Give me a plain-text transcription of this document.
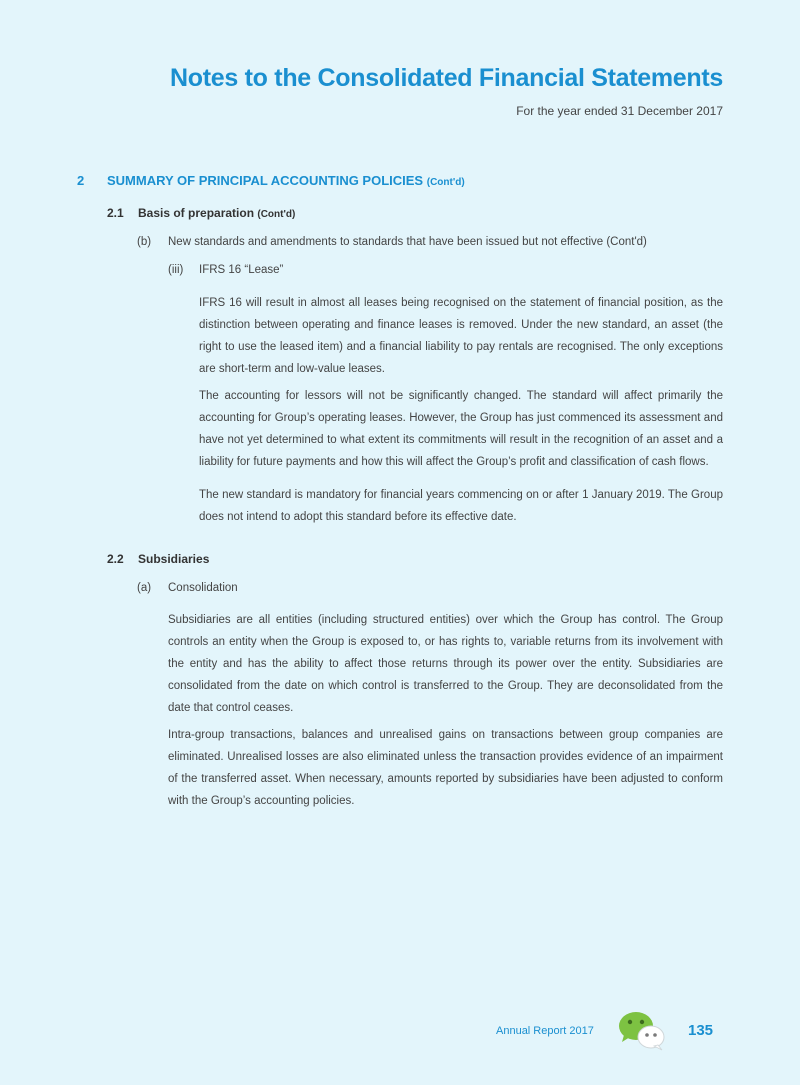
Notes to the Consolidated Financial Statements
For the year ended 31 December 2017
2 SUMMARY OF PRINCIPAL ACCOUNTING POLICIES (Cont'd)
2.1 Basis of preparation (Cont'd)
(b) New standards and amendments to standards that have been issued but not effective (Cont'd)
(iii) IFRS 16 “Lease”

IFRS 16 will result in almost all leases being recognised on the statement of financial position, as the distinction between operating and finance leases is removed. Under the new standard, an asset (the right to use the leased item) and a financial liability to pay rentals are recognised. The only exceptions are short-term and low-value leases.

The accounting for lessors will not be significantly changed. The standard will affect primarily the accounting for Group’s operating leases. However, the Group has just commenced its assessment and have not yet determined to what extent its commitments will result in the recognition of an asset and a liability for future payments and how this will affect the Group’s profit and classification of cash flows.

The new standard is mandatory for financial years commencing on or after 1 January 2019. The Group does not intend to adopt this standard before its effective date.

2.2 Subsidiaries
(a) Consolidation

Subsidiaries are all entities (including structured entities) over which the Group has control. The Group controls an entity when the Group is exposed to, or has rights to, variable returns from its involvement with the entity and has the ability to affect those returns through its power over the entity. Subsidiaries are consolidated from the date on which control is transferred to the Group. They are deconsolidated from the date that control ceases.

Intra-group transactions, balances and unrealised gains on transactions between group companies are eliminated. Unrealised losses are also eliminated unless the transaction provides evidence of an impairment of the transferred asset. When necessary, amounts reported by subsidiaries have been adjusted to conform with the Group’s accounting policies.

Annual Report 2017	135
